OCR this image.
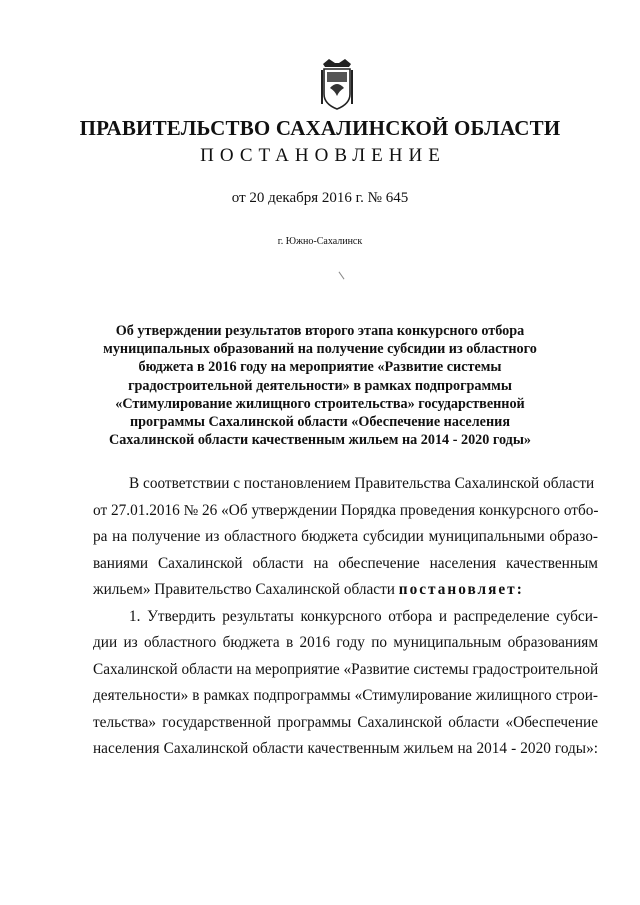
ПРАВИТЕЛЬСТВО САХАЛИНСКОЙ ОБЛАСТИ
ПОСТАНОВЛЕНИЕ
от 20 декабря 2016 г. № 645
г. Южно-Сахалинск
Об утверждении результатов второго этапа конкурсного отбора
муниципальных образований на получение субсидии из областного
бюджета в 2016 году на мероприятие «Развитие системы
градостроительной деятельности» в рамках подпрограммы
«Стимулирование жилищного строительства» государственной
программы Сахалинской области «Обеспечение населения
Сахалинской области качественным жильем на 2014 - 2020 годы»
В соответствии с постановлением Правительства Сахалинской области
от 27.01.2016 № 26 «Об утверждении Порядка проведения конкурсного отбо-
ра на получение из областного бюджета субсидии муниципальными образо-
ваниями Сахалинской области на обеспечение населения качественным
жильем» Правительство Сахалинской области постановляет:
1. Утвердить результаты конкурсного отбора и распределение субси-
дии из областного бюджета в 2016 году по муниципальным образованиям
Сахалинской области на мероприятие «Развитие системы градостроительной
деятельности» в рамках подпрограммы «Стимулирование жилищного строи-
тельства» государственной программы Сахалинской области «Обеспечение
населения Сахалинской области качественным жильем на 2014 - 2020 годы»:
